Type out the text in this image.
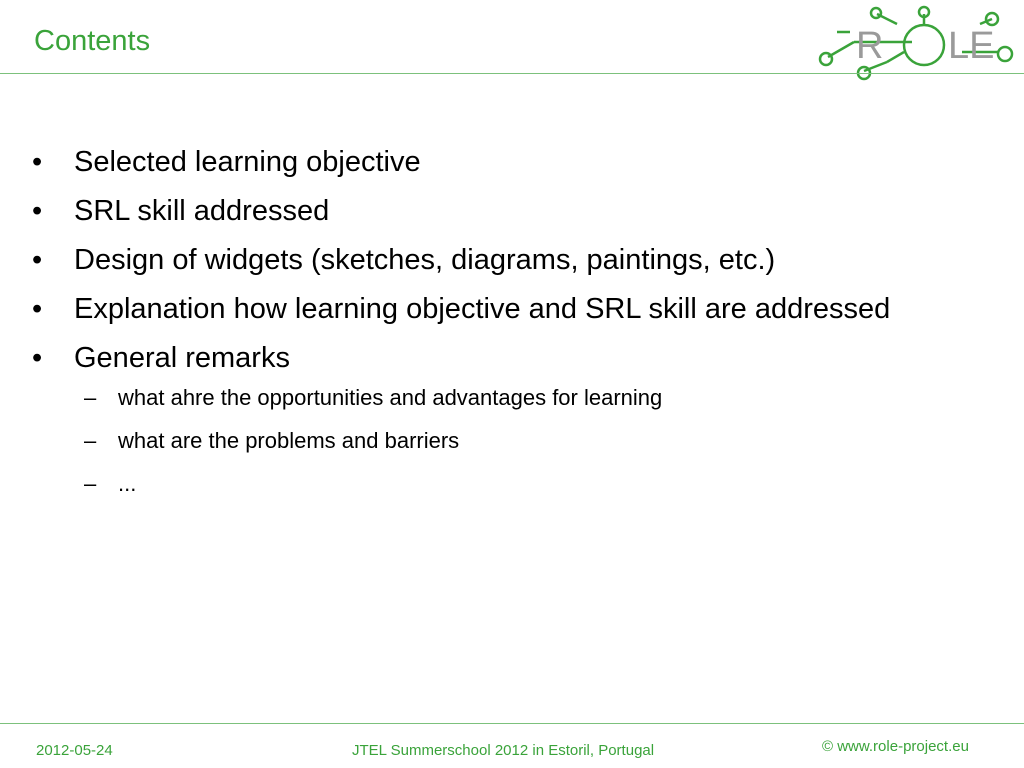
Contents	R LE
• Selected learning objective
• SRL skill addressed
• Design of widgets (sketches, diagrams, paintings, etc.)
• Explanation how learning objective and SRL skill are addressed
• General remarks
– what ahre the opportunities and advantages for learning
– what are the problems and barriers
– ...
2012-05-24	JTEL Summerschool 2012 in Estoril, Portugal	© www.role-project.eu
